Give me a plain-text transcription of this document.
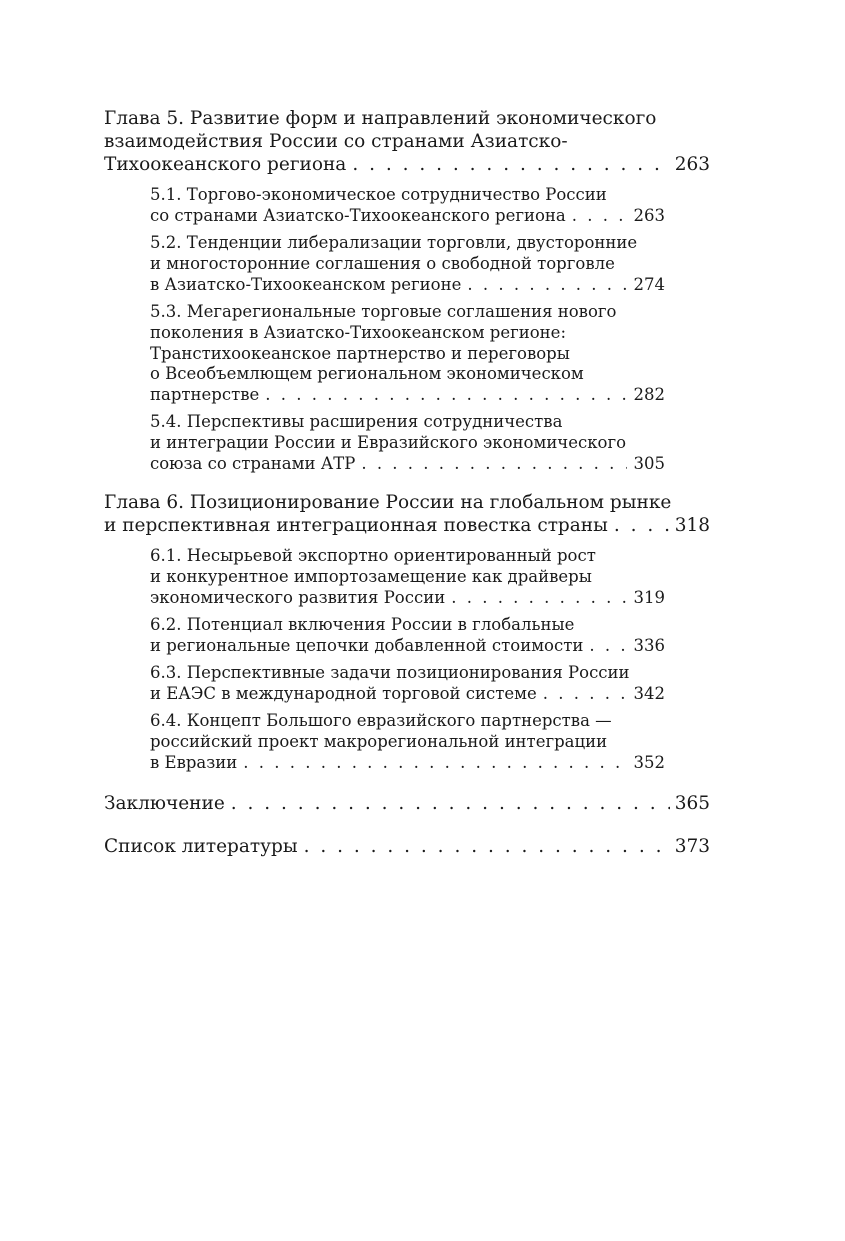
Глава 5. Развитие форм и направлений экономического
взаимодействия России со странами Азиатско-
Тихоокеанского региона . . .	263
5.1. Торгово-экономическое сотрудничество России
со странами Азиатско-Тихоокеанского региона . . .	263
5.2. Тенденции либерализации торговли, двусторонние
и многосторонние соглашения о свободной торговле
в Азиатско-Тихоокеанском регионе . . .	274
5.3. Мегарегиональные торговые соглашения нового
поколения в Азиатско-Тихоокеанском регионе:
Транстихоокеанское партнерство и переговоры
о Всеобъемлющем региональном экономическом
партнерстве . . .	282
5.4. Перспективы расширения сотрудничества
и интеграции России и Евразийского экономического
союза со странами АТР . . .	305
Глава 6. Позиционирование России на глобальном рынке
и перспективная интеграционная повестка страны . . .	318
6.1. Несырьевой экспортно ориентированный рост
и конкурентное импортозамещение как драйверы
экономического развития России . . .	319
6.2. Потенциал включения России в глобальные
и региональные цепочки добавленной стоимости . . .	336
6.3. Перспективные задачи позиционирования России
и ЕАЭС в международной торговой системе . . .	342
6.4. Концепт Большого евразийского партнерства —
российский проект макрорегиональной интеграции
в Евразии . . .	352
Заключение . . .	365
Список литературы . . .	373
